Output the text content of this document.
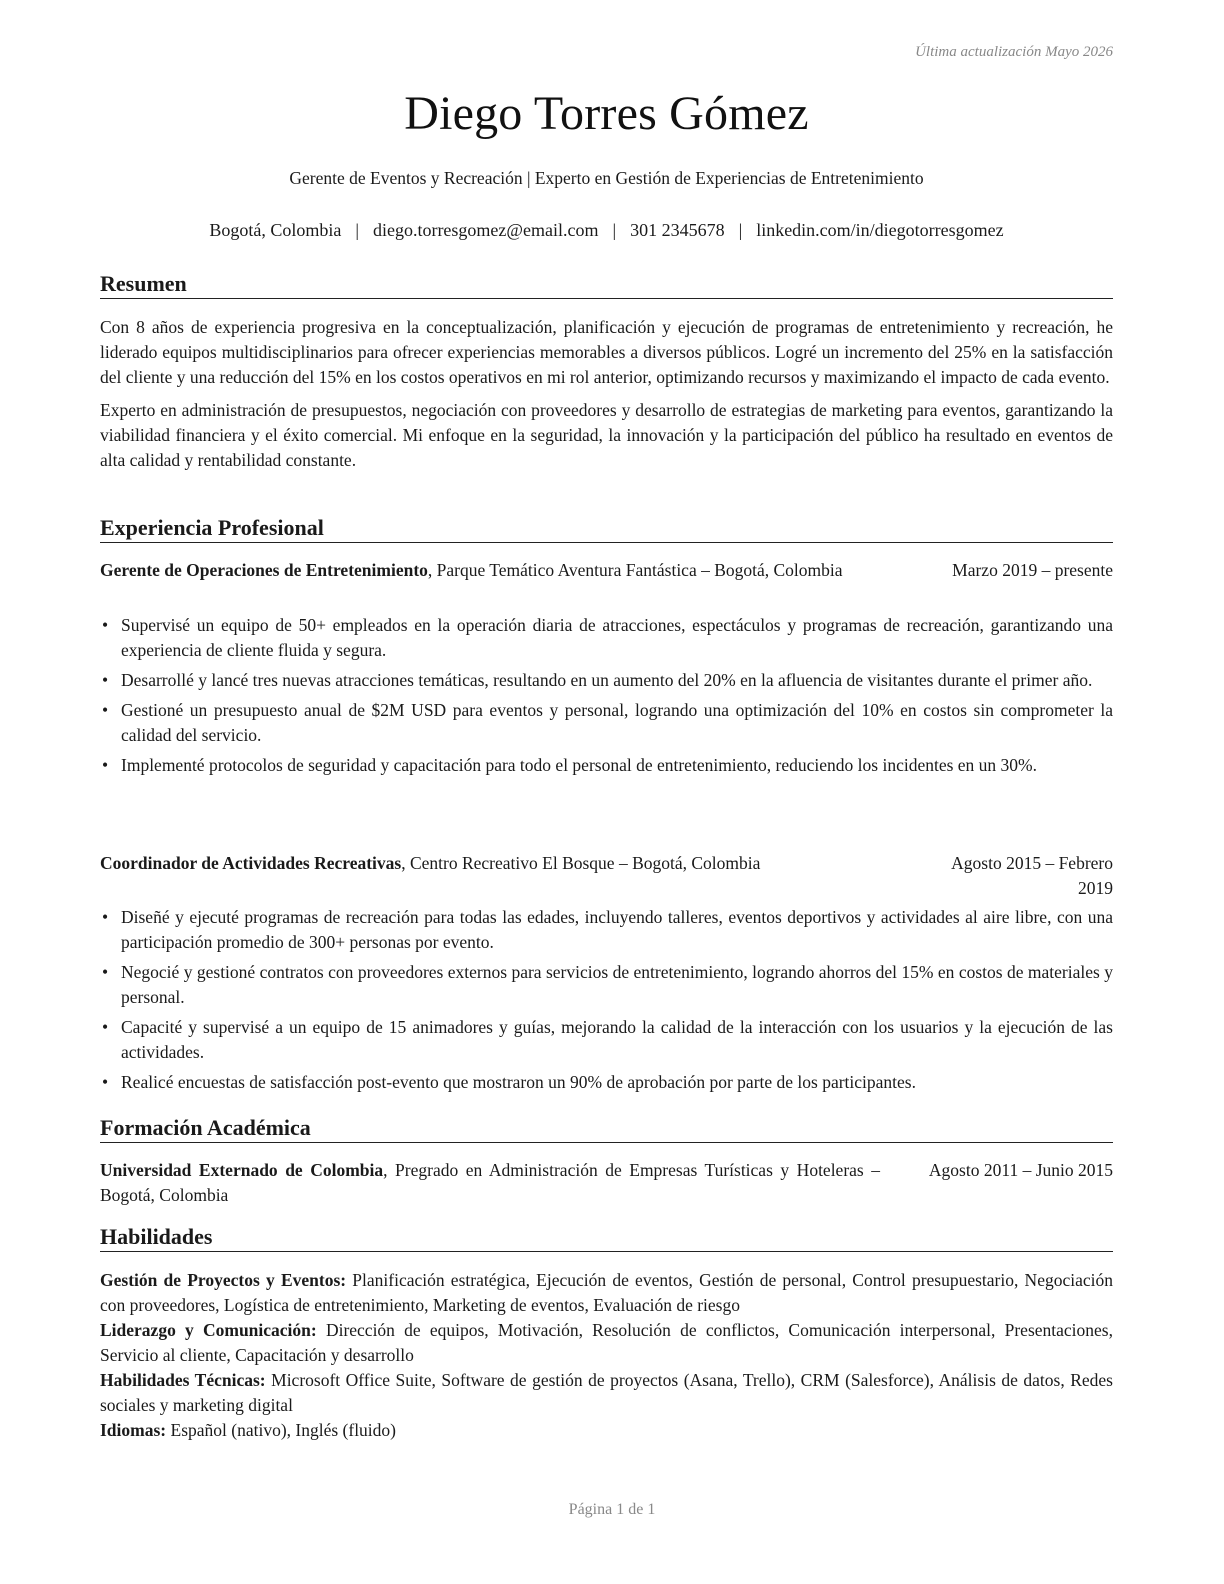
Última actualización Mayo 2026
Diego Torres Gómez
Gerente de Eventos y Recreación | Experto en Gestión de Experiencias de Entretenimiento
Bogotá, Colombia | diego.torresgomez@email.com | 301 2345678 | linkedin.com/in/diegotorresgomez
Resumen

Con 8 años de experiencia progresiva en la conceptualización, planificación y ejecución de programas de entretenimiento y recreación, he liderado equipos multidisciplinarios para ofrecer experiencias memorables a diversos públicos. Logré un incremento del 25% en la satisfacción del cliente y una reducción del 15% en los costos operativos en mi rol anterior, optimizando recursos y maximizando el impacto de cada evento.

Experto en administración de presupuestos, negociación con proveedores y desarrollo de estrategias de marketing para eventos, garantizando la viabilidad financiera y el éxito comercial. Mi enfoque en la seguridad, la innovación y la participación del público ha resultado en eventos de alta calidad y rentabilidad constante.

Experiencia Profesional
Gerente de Operaciones de Entretenimiento, Parque Temático Aventura Fantástica – Bogotá, Colombia	Marzo 2019 – presente
• Supervisé un equipo de 50+ empleados en la operación diaria de atracciones, espectáculos y programas de recreación, garantizando una experiencia de cliente fluida y segura.
• Desarrollé y lancé tres nuevas atracciones temáticas, resultando en un aumento del 20% en la afluencia de visitantes durante el primer año.
• Gestioné un presupuesto anual de $2M USD para eventos y personal, logrando una optimización del 10% en costos sin comprometer la calidad del servicio.
• Implementé protocolos de seguridad y capacitación para todo el personal de entretenimiento, reduciendo los incidentes en un 30%.
Coordinador de Actividades Recreativas, Centro Recreativo El Bosque – Bogotá, Colombia	Agosto 2015 – Febrero 2019
• Diseñé y ejecuté programas de recreación para todas las edades, incluyendo talleres, eventos deportivos y actividades al aire libre, con una participación promedio de 300+ personas por evento.
• Negocié y gestioné contratos con proveedores externos para servicios de entretenimiento, logrando ahorros del 15% en costos de materiales y personal.
• Capacité y supervisé a un equipo de 15 animadores y guías, mejorando la calidad de la interacción con los usuarios y la ejecución de las actividades.
• Realicé encuestas de satisfacción post-evento que mostraron un 90% de aprobación por parte de los participantes.
Formación Académica
Universidad Externado de Colombia, Pregrado en Administración de Empresas Turísticas y Hoteleras – Bogotá, Colombia
Agosto 2011 – Junio 2015
Habilidades

Gestión de Proyectos y Eventos: Planificación estratégica, Ejecución de eventos, Gestión de personal, Control presupuestario, Negociación con proveedores, Logística de entretenimiento, Marketing de eventos, Evaluación de riesgo

Liderazgo y Comunicación: Dirección de equipos, Motivación, Resolución de conflictos, Comunicación interpersonal, Presentaciones, Servicio al cliente, Capacitación y desarrollo

Habilidades Técnicas: Microsoft Office Suite, Software de gestión de proyectos (Asana, Trello), CRM (Salesforce), Análisis de datos, Redes sociales y marketing digital

Idiomas: Español (nativo), Inglés (fluido)

Página 1 de 1
